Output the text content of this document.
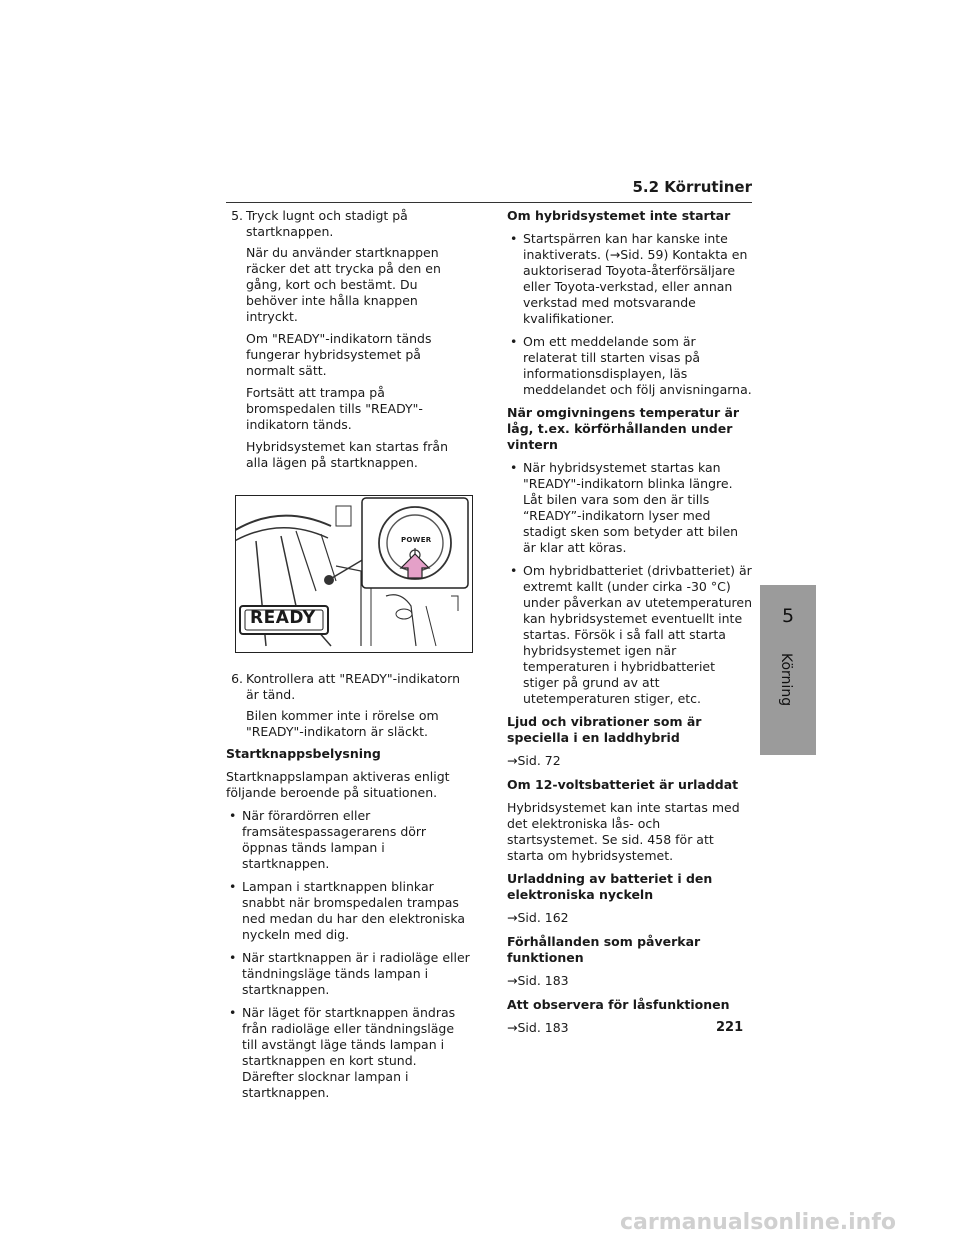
5.2 Körrutiner
5. Tryck lugnt och stadigt på startknappen.

När du använder startknappen räcker det att trycka på den en gång, kort och bestämt. Du behöver inte hålla knappen intryckt.

Om "READY"-indikatorn tänds fungerar hybridsystemet på normalt sätt.

Fortsätt att trampa på bromspedalen tills "READY"-indikatorn tänds.

Hybridsystemet kan startas från alla lägen på startknappen.

POWER
READY
6. Kontrollera att "READY"-indikatorn är tänd.

Bilen kommer inte i rörelse om "READY"-indikatorn är släckt.

Startknappsbelysning

Startknappslampan aktiveras enligt följande beroende på situationen.

• När förardörren eller framsätespassagerarens dörr öppnas tänds lampan i startknappen.
• Lampan i startknappen blinkar snabbt när bromspedalen trampas ned medan du har den elektroniska nyckeln med dig.
• När startknappen är i radioläge eller tändningsläge tänds lampan i startknappen.
• När läget för startknappen ändras från radioläge eller tändningsläge till avstängt läge tänds lampan i startknappen en kort stund. Därefter slocknar lampan i startknappen.

Om hybridsystemet inte startar

• Startspärren kan har kanske inte inaktiverats. (→Sid. 59) Kontakta en auktoriserad Toyota-återförsäljare eller Toyota-verkstad, eller annan verkstad med motsvarande kvalifikationer.
• Om ett meddelande som är relaterat till starten visas på informationsdisplayen, läs meddelandet och följ anvisningarna.

När omgivningens temperatur är låg, t.ex. körförhållanden under vintern

• När hybridsystemet startas kan "READY"-indikatorn blinka längre. Låt bilen vara som den är tills “READY”-indikatorn lyser med stadigt sken som betyder att bilen är klar att köras.
• Om hybridbatteriet (drivbatteriet) är extremt kallt (under cirka -30 °C) under påverkan av utetemperaturen kan hybridsystemet eventuellt inte startas. Försök i så fall att starta hybridsystemet igen när temperaturen i hybridbatteriet stiger på grund av att utetemperaturen stiger, etc.

Ljud och vibrationer som är speciella i en laddhybrid

→Sid. 72

Om 12-voltsbatteriet är urladdat

Hybridsystemet kan inte startas med det elektroniska lås- och startsystemet. Se sid. 458 för att starta om hybridsystemet.

Urladdning av batteriet i den elektroniska nyckeln

→Sid. 162

Förhållanden som påverkar funktionen

→Sid. 183

Att observera för låsfunktionen

→Sid. 183

5
Körning
221
carmanualsonline.info
